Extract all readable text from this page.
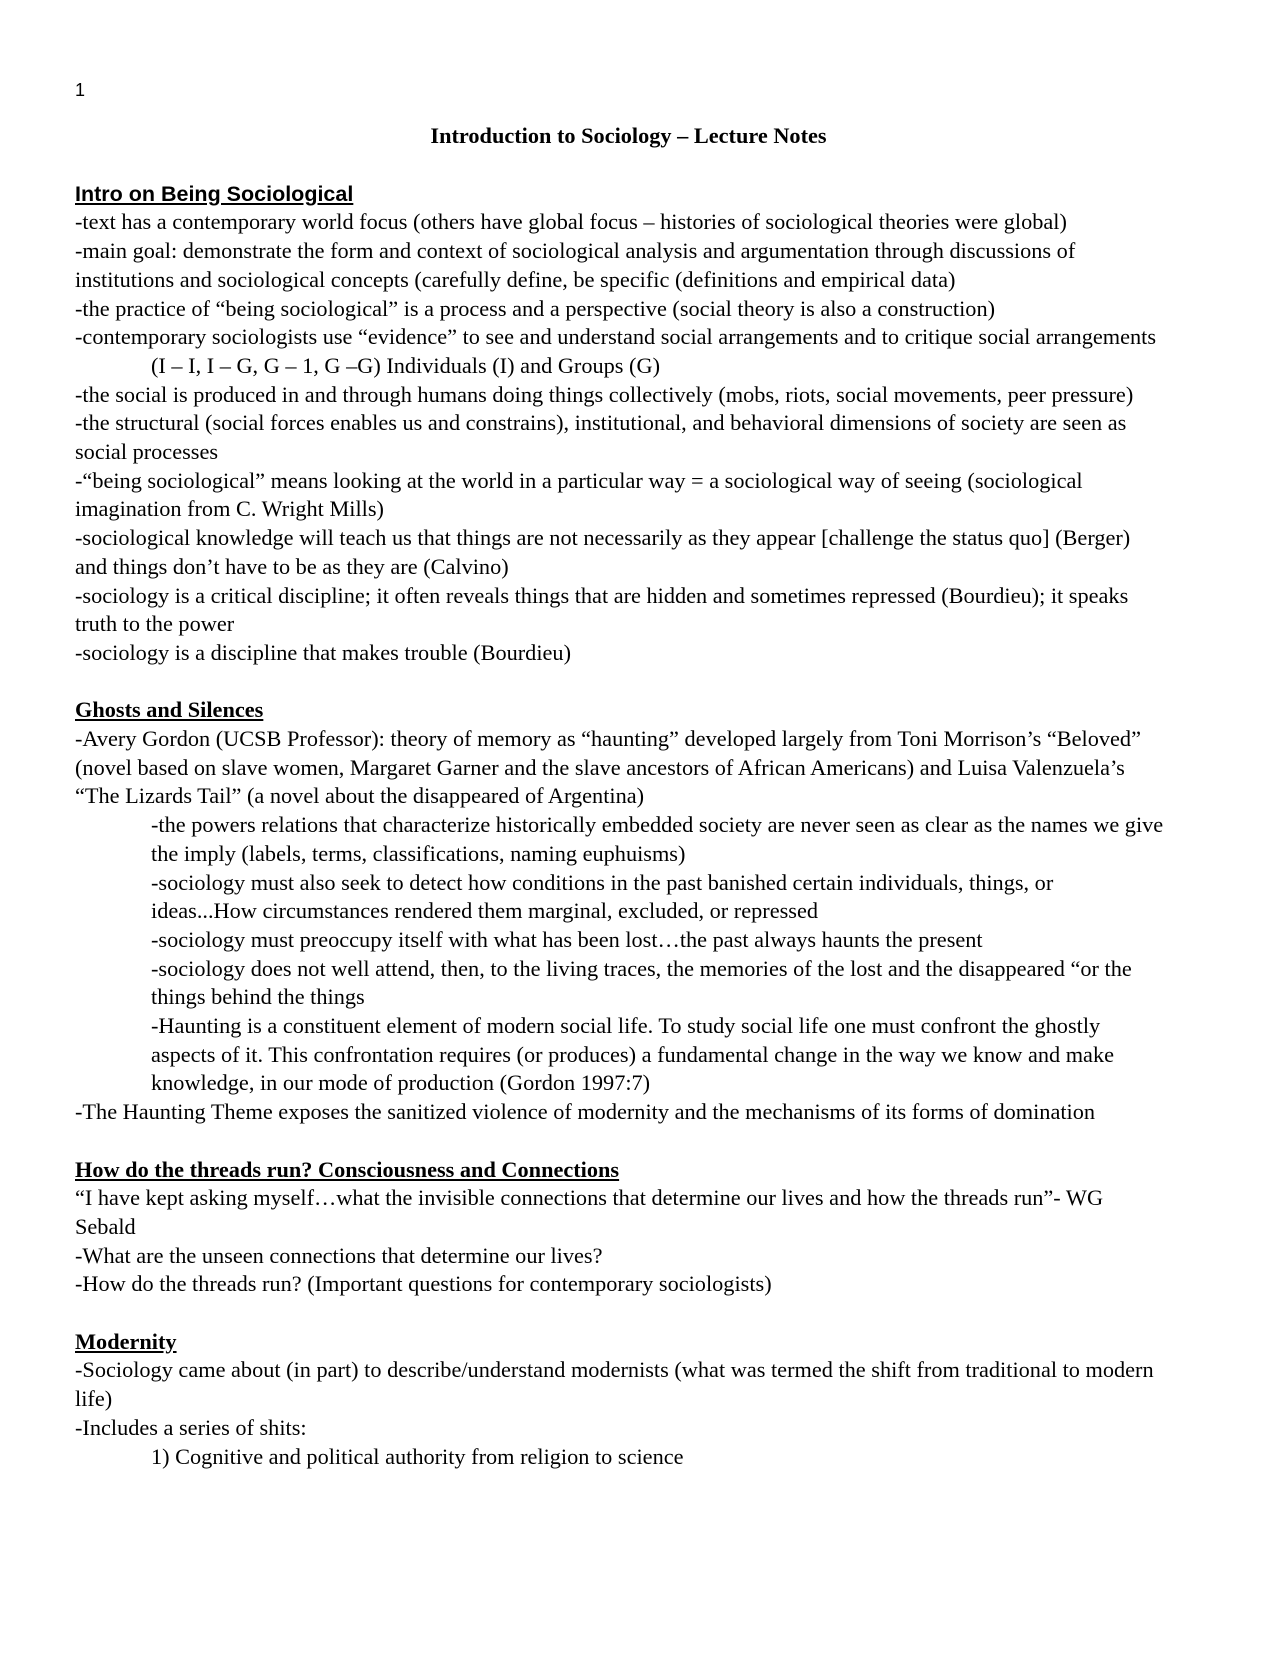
1
Introduction to Sociology – Lecture Notes
Intro on Being Sociological

-text has a contemporary world focus (others have global focus – histories of sociological theories were global)

-main goal: demonstrate the form and context of sociological analysis and argumentation through discussions of institutions and sociological concepts (carefully define, be specific (definitions and empirical data)

-the practice of “being sociological” is a process and a perspective (social theory is also a construction)

-contemporary sociologists use “evidence” to see and understand social arrangements and to critique social arrangements

(I – I, I – G, G – 1, G –G) Individuals (I) and Groups (G)

-the social is produced in and through humans doing things collectively (mobs, riots, social movements, peer pressure)

-the structural (social forces enables us and constrains), institutional, and behavioral dimensions of society are seen as social processes

-“being sociological” means looking at the world in a particular way = a sociological way of seeing (sociological imagination from C. Wright Mills)

-sociological knowledge will teach us that things are not necessarily as they appear [challenge the status quo] (Berger) and things don’t have to be as they are (Calvino)

-sociology is a critical discipline; it often reveals things that are hidden and sometimes repressed (Bourdieu); it speaks truth to the power

-sociology is a discipline that makes trouble (Bourdieu)

Ghosts and Silences

-Avery Gordon (UCSB Professor): theory of memory as “haunting” developed largely from Toni Morrison’s “Beloved” (novel based on slave women, Margaret Garner and the slave ancestors of African Americans) and Luisa Valenzuela’s “The Lizards Tail” (a novel about the disappeared of Argentina)

-the powers relations that characterize historically embedded society are never seen as clear as the names we give the imply (labels, terms, classifications, naming euphuisms)

-sociology must also seek to detect how conditions in the past banished certain individuals, things, or ideas...How circumstances rendered them marginal, excluded, or repressed

-sociology must preoccupy itself with what has been lost…the past always haunts the present

-sociology does not well attend, then, to the living traces, the memories of the lost and the disappeared “or the things behind the things

-Haunting is a constituent element of modern social life. To study social life one must confront the ghostly aspects of it. This confrontation requires (or produces) a fundamental change in the way we know and make knowledge, in our mode of production (Gordon 1997:7)

-The Haunting Theme exposes the sanitized violence of modernity and the mechanisms of its forms of domination

How do the threads run? Consciousness and Connections

“I have kept asking myself…what the invisible connections that determine our lives and how the threads run”- WG Sebald

-What are the unseen connections that determine our lives?

-How do the threads run? (Important questions for contemporary sociologists)

Modernity

-Sociology came about (in part) to describe/understand modernists (what was termed the shift from traditional to modern life)

-Includes a series of shits:

1) Cognitive and political authority from religion to science
